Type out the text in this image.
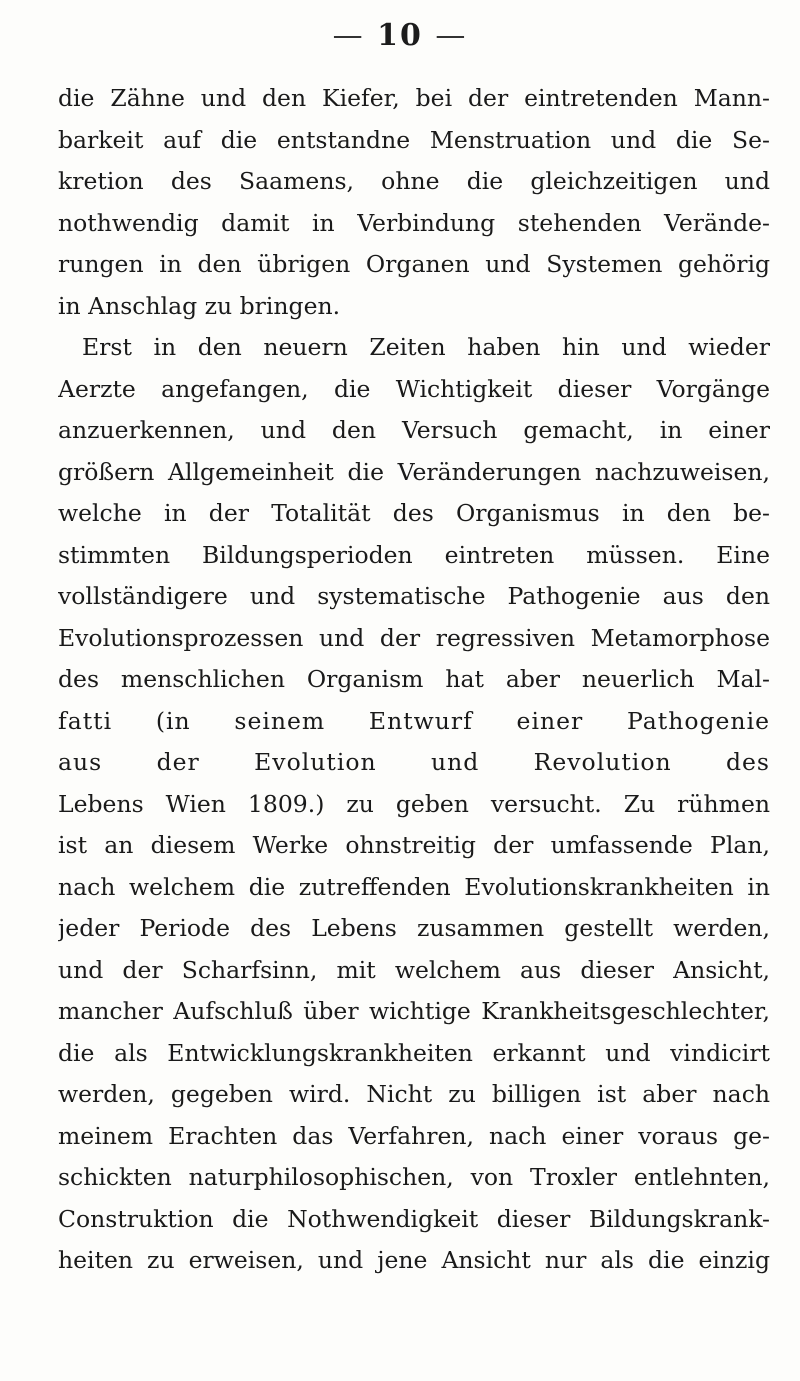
— 10 —
die Zähne und den Kiefer, bei der eintretenden Mann-
barkeit auf die entstandne Menstruation und die Se-
kretion des Saamens, ohne die gleichzeitigen und
nothwendig damit in Verbindung stehenden Verände-
rungen in den übrigen Organen und Systemen gehörig
in Anschlag zu bringen.
Erst in den neuern Zeiten haben hin und wieder
Aerzte angefangen, die Wichtigkeit dieser Vorgänge
anzuerkennen, und den Versuch gemacht, in einer
größern Allgemeinheit die Veränderungen nachzuweisen,
welche in der Totalität des Organismus in den be-
stimmten Bildungsperioden eintreten müssen. Eine
vollständigere und systematische Pathogenie aus den
Evolutionsprozessen und der regressiven Metamorphose
des menschlichen Organism hat aber neuerlich Mal-
fatti (in seinem Entwurf einer Pathogenie
aus der Evolution und Revolution des
Lebens Wien 1809.) zu geben versucht. Zu rühmen
ist an diesem Werke ohnstreitig der umfassende Plan,
nach welchem die zutreffenden Evolutionskrankheiten in
jeder Periode des Lebens zusammen gestellt werden,
und der Scharfsinn, mit welchem aus dieser Ansicht,
mancher Aufschluß über wichtige Krankheitsgeschlechter,
die als Entwicklungskrankheiten erkannt und vindicirt
werden, gegeben wird. Nicht zu billigen ist aber nach
meinem Erachten das Verfahren, nach einer voraus ge-
schickten naturphilosophischen, von Troxler entlehnten,
Construktion die Nothwendigkeit dieser Bildungskrank-
heiten zu erweisen, und jene Ansicht nur als die einzig
